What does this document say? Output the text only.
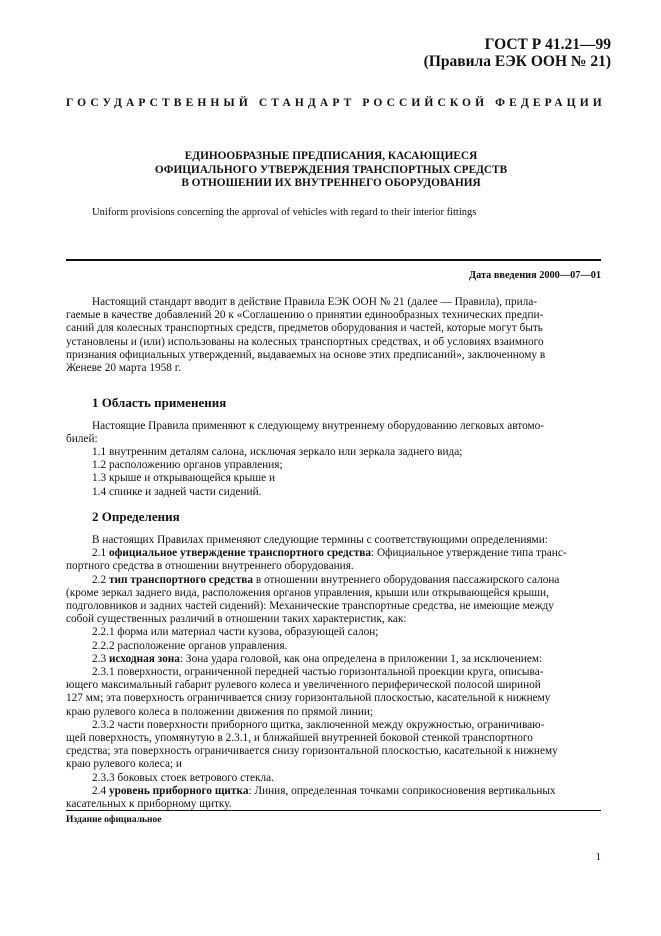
ГОСТ Р 41.21—99
(Правила ЕЭК ООН № 21)
ГОСУДАРСТВЕННЫЙ СТАНДАРТ РОССИЙСКОЙ ФЕДЕРАЦИИ
ЕДИНООБРАЗНЫЕ ПРЕДПИСАНИЯ, КАСАЮЩИЕСЯ
ОФИЦИАЛЬНОГО УТВЕРЖДЕНИЯ ТРАНСПОРТНЫХ СРЕДСТВ
В ОТНОШЕНИИ ИХ ВНУТРЕННЕГО ОБОРУДОВАНИЯ
Uniform provisions concerning the approval of vehicles with regard to their interior fittings
Дата введения 2000—07—01
Настоящий стандарт вводит в действие Правила ЕЭК ООН № 21 (далее — Правила), прила-
гаемые в качестве добавлений 20 к «Соглашению о принятии единообразных технических предпи-
саний для колесных транспортных средств, предметов оборудования и частей, которые могут быть
установлены и (или) использованы на колесных транспортных средствах, и об условиях взаимного
признания официальных утверждений, выдаваемых на основе этих предписаний», заключенному в
Женеве 20 марта 1958 г.
1 Область применения
Настоящие Правила применяют к следующему внутреннему оборудованию легковых автомо-
билей:
1.1 внутренним деталям салона, исключая зеркало или зеркала заднего вида;
1.2 расположению органов управления;
1.3 крыше и открывающейся крыше и
1.4 спинке и задней части сидений.
2 Определения
В настоящих Правилах применяют следующие термины с соответствующими определениями:
2.1 официальное утверждение транспортного средства: Официальное утверждение типа транс-
портного средства в отношении внутреннего оборудования.
2.2 тип транспортного средства в отношении внутреннего оборудования пассажирского салона
(кроме зеркал заднего вида, расположения органов управления, крыши или открывающейся крыши,
подголовников и задних частей сидений): Механические транспортные средства, не имеющие между
собой существенных различий в отношении таких характеристик, как:
2.2.1 форма или материал части кузова, образующей салон;
2.2.2 расположение органов управления.
2.3 исходная зона: Зона удара головой, как она определена в приложении 1, за исключением:
2.3.1 поверхности, ограниченной передней частью горизонтальной проекции круга, описыва-
ющего максимальный габарит рулевого колеса и увеличенного периферической полосой шириной
127 мм; эта поверхность ограничивается снизу горизонтальной плоскостью, касательной к нижнему
краю рулевого колеса в положении движения по прямой линии;
2.3.2 части поверхности приборного щитка, заключенной между окружностью, ограничиваю-
щей поверхность, упомянутую в 2.3.1, и ближайшей внутренней боковой стенкой транспортного
средства; эта поверхность ограничивается снизу горизонтальной плоскостью, касательной к нижнему
краю рулевого колеса; и
2.3.3 боковых стоек ветрового стекла.
2.4 уровень приборного щитка: Линия, определенная точками соприкосновения вертикальных
касательных к приборному щитку.
Издание официальное
1
